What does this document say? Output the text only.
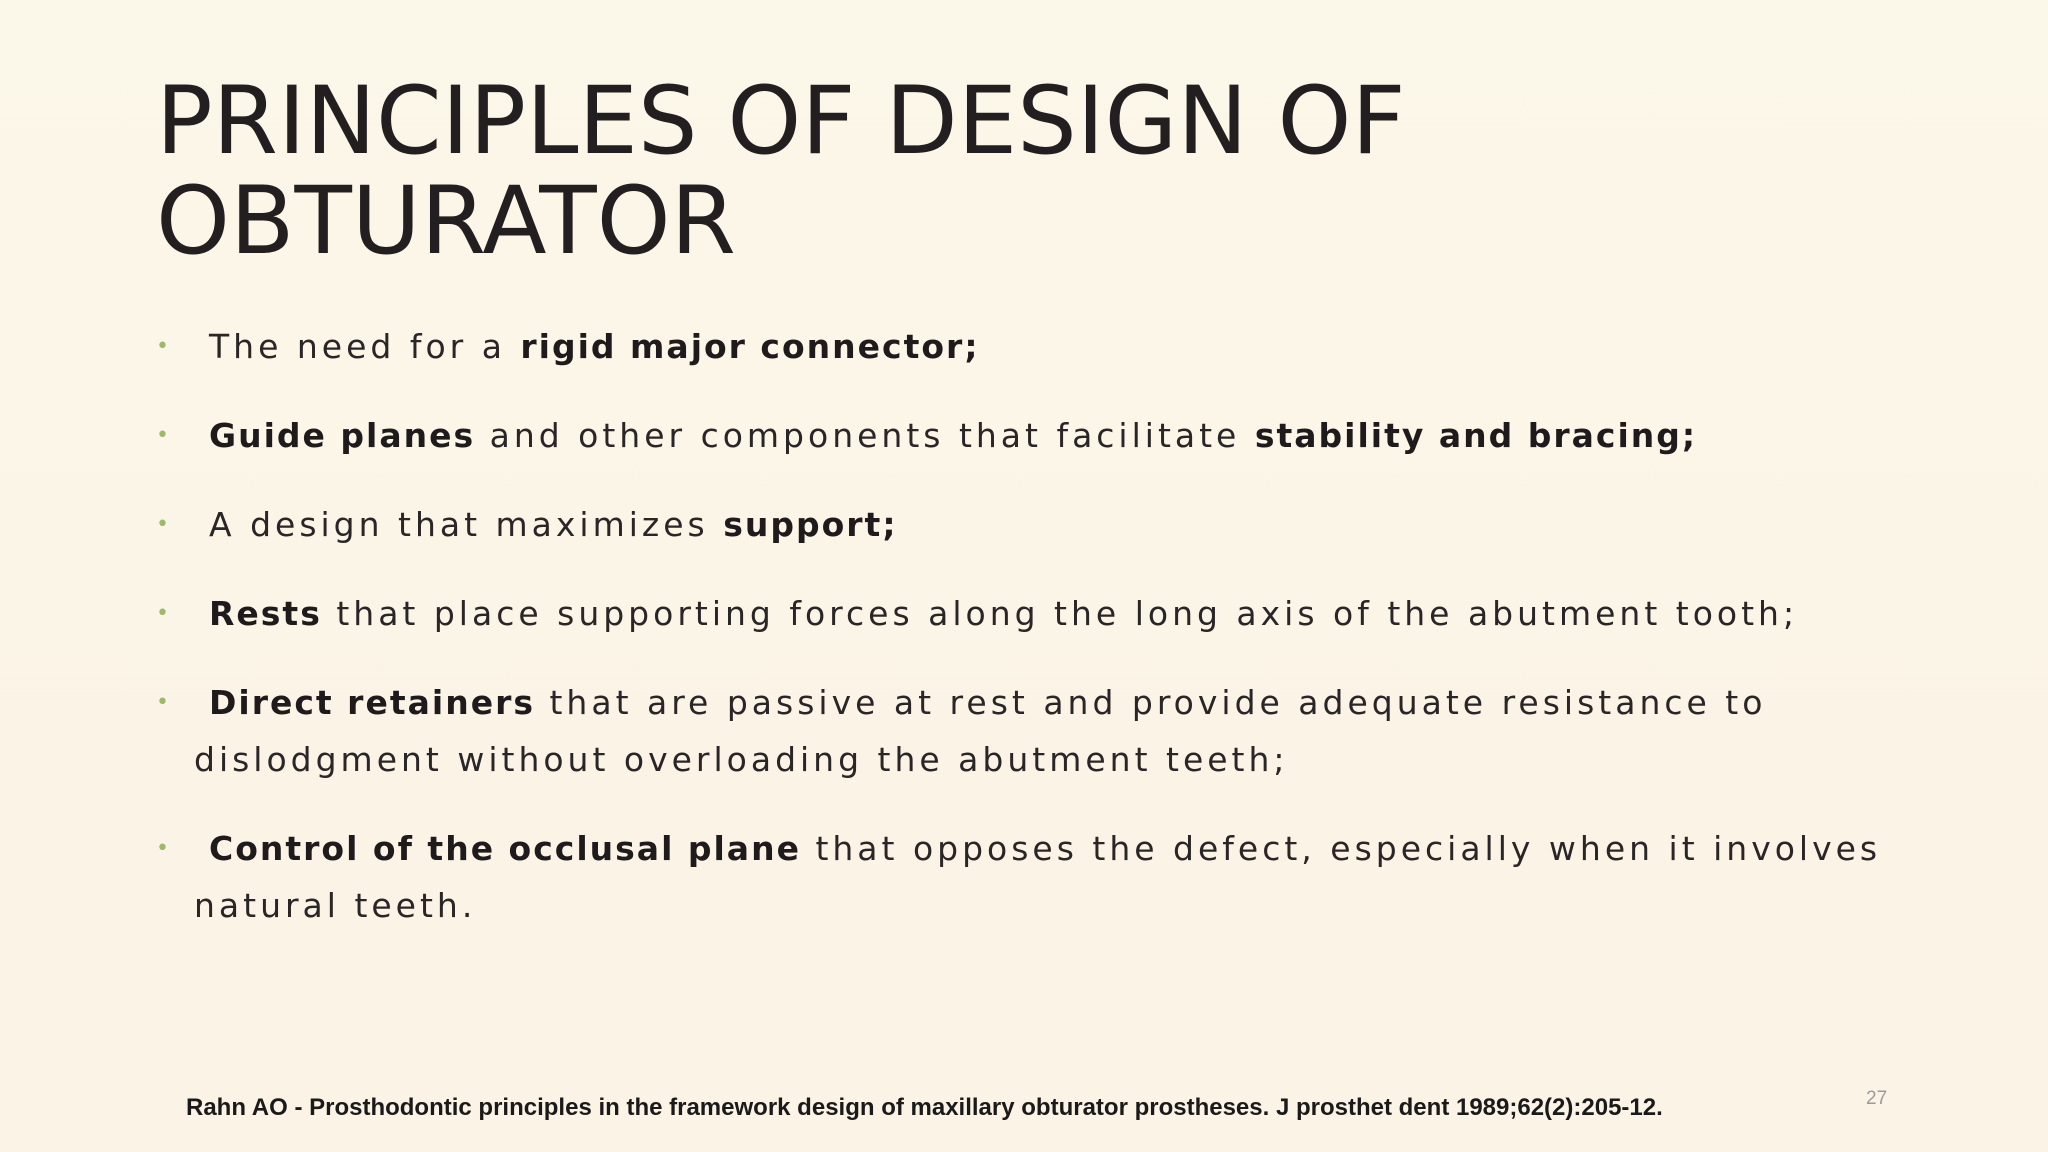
PRINCIPLES OF DESIGN OF
OBTURATOR
•	The need for a rigid major connector;
•	Guide planes and other components that facilitate stability and bracing;
•	A design that maximizes support;
•	Rests that place supporting forces along the long axis of the abutment tooth;
•	Direct retainers that are passive at rest and provide adequate resistance to dislodgment without overloading the abutment teeth;
•	Control of the occlusal plane that opposes the defect, especially when it involves natural teeth.

Rahn AO - Prosthodontic principles in the framework design of maxillary obturator prostheses. J prosthet dent 1989;62(2):205-12.	27
